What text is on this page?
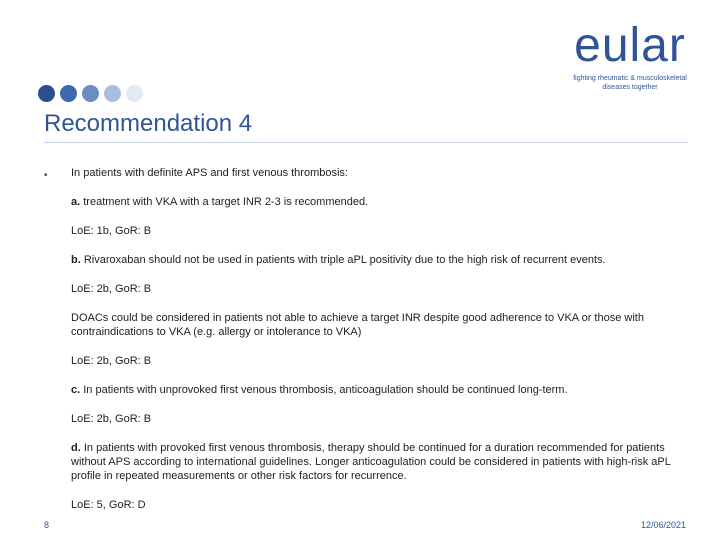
eular
fighting rheumatic & musculoskeletal
diseases together
Recommendation 4
• In patients with definite APS and first venous thrombosis:

a. treatment with VKA with a target INR 2-3 is recommended.

LoE: 1b, GoR: B

b. Rivaroxaban should not be used in patients with triple aPL positivity due to the high risk of recurrent events.

LoE: 2b, GoR: B

DOACs could be considered in patients not able to achieve a target INR despite good adherence to VKA or those with contraindications to VKA (e.g. allergy or intolerance to VKA)

LoE: 2b, GoR: B

c. In patients with unprovoked first venous thrombosis, anticoagulation should be continued long-term.

LoE: 2b, GoR: B

d. In patients with provoked first venous thrombosis, therapy should be continued for a duration recommended for patients without APS according to international guidelines. Longer anticoagulation could be considered in patients with high-risk aPL profile in repeated measurements or other risk factors for recurrence.

LoE: 5, GoR: D

8	12/06/2021
